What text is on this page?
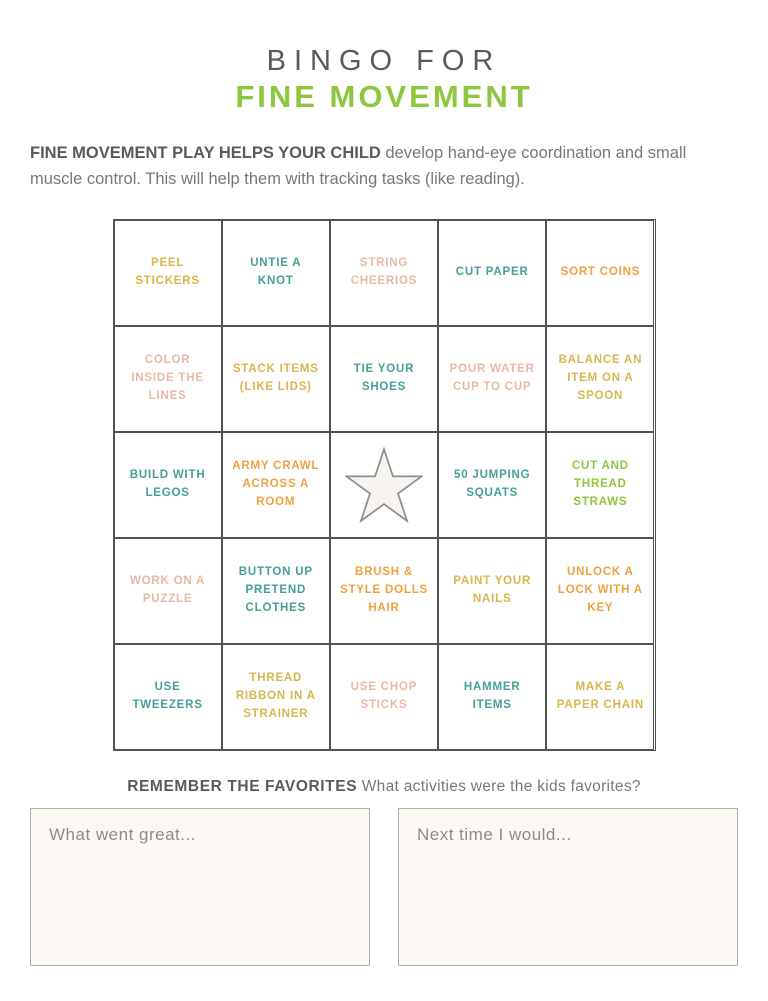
BINGO FOR
FINE MOVEMENT

FINE MOVEMENT PLAY HELPS YOUR CHILD develop hand-eye coordination and small muscle control. This will help them with tracking tasks (like reading).

PEEL STICKERS
UNTIE A KNOT
STRING CHEERIOS
CUT PAPER	SORT COINS
COLOR INSIDE THE LINES
STACK ITEMS (LIKE LIDS)
TIE YOUR SHOES
POUR WATER CUP TO CUP
BALANCE AN ITEM ON A SPOON
BUILD WITH LEGOS
ARMY CRAWL ACROSS A ROOM
50 JUMPING SQUATS
CUT AND THREAD STRAWS
WORK ON A PUZZLE
BUTTON UP PRETEND CLOTHES
BRUSH & STYLE DOLLS HAIR
PAINT YOUR NAILS
UNLOCK A LOCK WITH A KEY
USE TWEEZERS
THREAD RIBBON IN A STRAINER
USE CHOP STICKS
HAMMER ITEMS
MAKE A PAPER CHAIN
REMEMBER THE FAVORITES What activities were the kids favorites?
What went great...	Next time I would...
